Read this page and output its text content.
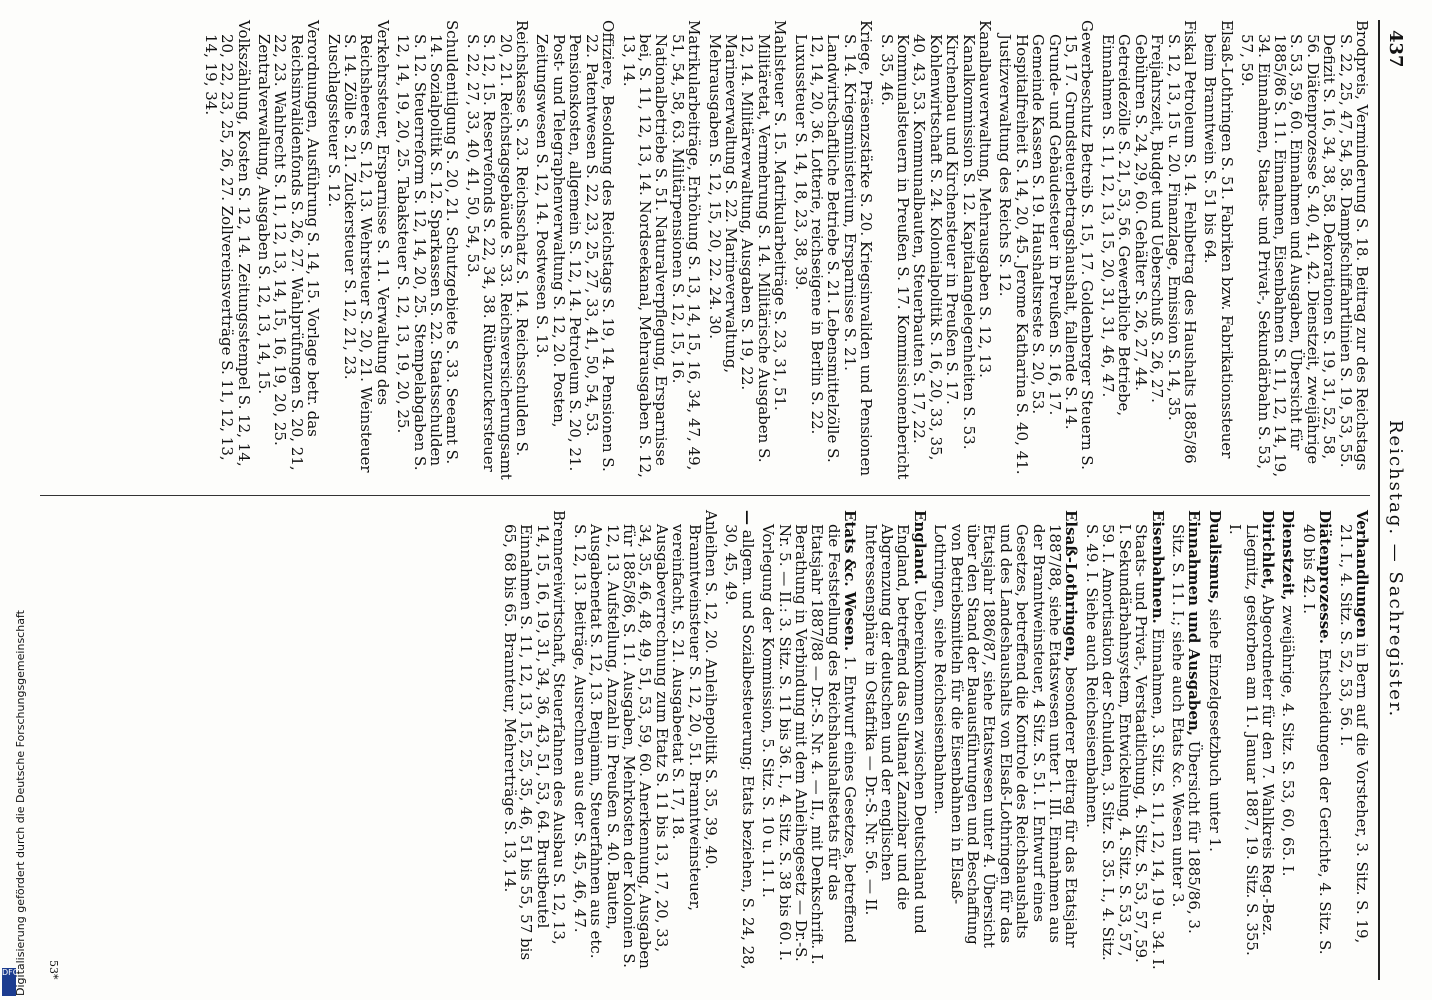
437
Reichstag. — Sachregister.

Verhandlungen in Bern auf die Vorsteher, 3. Sitz. S. 19, 21. I., 4. Sitz. S. 52, 53, 56. I.

Diätenprozesse. Entscheidungen der Gerichte, 4. Sitz. S. 40 bis 42. I.

Dienstzeit, zweijährige, 4. Sitz. S. 53, 60, 65. I.

Dirichlet, Abgeordneter für den 7. Wahlkreis Reg.-Bez. Liegnitz, gestorben am 11. Januar 1887, 19. Sitz. S. 355. I.

Dualismus, siehe Einzelgesetzbuch unter 1.

Einnahmen und Ausgaben, Übersicht für 1885/86, 3. Sitz. S. 11. I.; siehe auch Etats &c. Wesen unter 3.

Eisenbahnen. Einnahmen, 3. Sitz. S. 11, 12, 14, 19 u. 34. I. Staats- und Privat-, Verstaatlichung, 4. Sitz. S. 53, 57, 59. I. Sekundärbahnsystem, Entwickelung, 4. Sitz. S. 53, 57, 59. I. Amortisation der Schulden, 3. Sitz. S. 35. I., 4. Sitz. S. 49. I. Siehe auch Reichseisenbahnen.

Elsaß-Lothringen, besonderer Beitrag für das Etatsjahr 1887/88, siehe Etatswesen unter 1. III. Einnahmen aus der Branntweinsteuer, 4 Sitz. S. 51. I. Entwurf eines Gesetzes, betreffend die Kontrole des Reichshaushalts und des Landeshaushalts von Elsaß-Lothringen für das Etatsjahr 1886/87, siehe Etatswesen unter 4. Übersicht über den Stand der Bauausführungen und Beschaffung von Betriebsmitteln für die Eisenbahnen in Elsaß-Lothringen, siehe Reichseisenbahnen.

England. Uebereinkommen zwischen Deutschland und England, betreffend das Sultanat Zanzibar und die Abgrenzung der deutschen und der englischen Interessensphäre in Ostafrika — Dr.-S. Nr. 56. — II.

Etats &c. Wesen. 1. Entwurf eines Gesetzes, betreffend die Feststellung des Reichshaushaltsetats für das Etatsjahr 1887/88 — Dr.-S. Nr. 4. — II., mit Denkschrift. I. Berathung in Verbindung mit dem Anleihegesetz — Dr.-S. Nr. 5. — II.: 3. Sitz. S. 11 bis 36. I., 4. Sitz. S. 38 bis 60. I. Vorlegung der Kommission, 5. Sitz. S. 10 u. 11. I.

— allgem. und Sozialbesteuerung; Etats beziehen, S. 24, 28, 30, 45, 49.

Anleihen S. 12, 20. Anleihepolitik S. 35, 39, 40. Branntweinsteuer S. 12, 20, 51. Branntweinsteuer, vereinfacht, S. 21. Ausgabeetat S. 17, 18. Ausgabeverrechnung zum Etatz S. 11 bis 13, 17, 20, 33, 34, 35, 46, 48, 49, 51, 53, 59, 60. Anerkennung, Ausgaben für 1885/86, S. 11. Ausgaben, Mehrkosten der Kolonien S. 12, 13. Aufstellung, Anzahl in Preußen S. 40. Bauten, Ausgabenetat S. 12, 13. Benjamin, Steuerfahnen aus etc. S. 12, 13. Beiträge, Ausrechnen aus der S. 45, 46, 47.

Brennereiwirtschaft, Steuerfahnen des Ausbau S. 12, 13, 14, 15, 16, 19, 31, 34, 36, 43, 51, 53, 64. Brustbeutel Einnahmen S. 11, 12, 13, 15, 25, 35, 46, 51 bis 55, 57 bis 65, 68 bis 65. Brannteur, Mehrerträge S. 13, 14.

Brodpreis, Verminderung S. 18. Beitrag zur des Reichstags S. 22, 25, 47, 54, 58. Dampfschiffahrtlinien S. 19, 53, 55. Defizit S. 16, 34, 38, 58. Dekorationen S. 19, 31, 52, 58, 56. Diätenprozesse S. 40, 41, 42. Dienstzeit, zweijährige S. 53, 59, 60. Einnahmen und Ausgaben, Übersicht für 1885/86 S. 11. Einnahmen, Eisenbahnen S. 11, 12, 14, 19, 34. Einnahmen, Staats- und Privat-, Sekundärbahn S. 53, 57, 59.

Elsaß-Lothringen S. 51. Fabriken bzw. Fabrikationssteuer beim Branntwein S. 51 bis 64.

Fiskal Petroleum S. 14. Fehlbetrag des Haushalts 1885/86 S. 12, 13, 15 u. 20. Finanzlage, Emission S. 14, 35. Freijahrszeit, Budget und Ueberschuß S. 26, 27. Gebühren S. 24, 29, 60. Gehälter S. 26, 27, 44. Getreidezölle S. 21, 53, 56. Gewerbliche Betriebe, Einnahmen S. 11, 12, 13, 15, 20, 31, 31, 46, 47.

Gewerbeschutz Betreib S. 15, 17. Goldenberger Steuern S. 15, 17. Grundsteuerbetragshaushalt, fallende S. 14. Grunde- und Gebäudesteuer in Preußen S. 16, 17. Gemeinde Kassen S. 19. Haushaltsreste S. 20, 53. Hospitalfreiheit S. 14, 20, 45. Jerome Katharina S. 40, 41. Justizverwaltung des Reichs S. 12.

Kanalbauverwaltung, Mehrausgaben S. 12, 13. Kanalkommission S. 12. Kapitalangelegenheiten S. 53. Kirchenbau und Kirchensteuer in Preußen S. 17. Kohlenwirtschaft S. 24. Kolonialpolitik S. 16, 20, 33, 35, 40, 43, 53. Kommunalbauten, Steuerbauten S. 17, 22. Kommunalsteuern in Preußen S. 17. Kommissionenbericht S. 35, 46.

Kriege, Präsenzstärke S. 20. Kriegsinvaliden und Pensionen S. 14. Kriegsministerium, Ersparnisse S. 21. Landwirtschaftliche Betriebe S. 21. Lebensmittelzölle S. 12, 14, 20, 36. Lotterie, reichseigene in Berlin S. 22. Luxussteuer S. 14, 18, 23, 38, 39.

Mahlsteuer S. 15. Matrikularbeiträge S. 23, 31, 51. Militäretat, Vermehrung S. 14. Militärische Ausgaben S. 12, 14. Militärverwaltung, Ausgaben S. 19, 22. Marineverwaltung S. 22. Marineverwaltung, Mehrausgaben S. 12, 15, 20, 22. 24. 30.

Matrikularbeiträge, Erhöhung S. 13, 14, 15, 16, 34, 47, 49, 51, 54, 58, 63. Militärpensionen S. 12, 15, 16. Nationalbetriebe S. 51. Naturalverpflegung, Ersparnisse bei, S. 11, 12, 13, 14. Nordseekanal, Mehrausgaben S. 12, 13, 14.

Offiziere, Besoldung des Reichstags S. 19, 14. Pensionen S. 22. Patentwesen S. 22, 23, 25, 27, 33, 41, 50, 54, 53. Pensionskosten, allgemein S. 12, 14. Petroleum S. 20, 21. Post- und Telegraphenverwaltung S. 12, 20. Posten, Zeitungswesen S. 12, 14. Postwesen S. 13.

Reichskasse S. 23. Reichsschatz S. 14. Reichsschulden S. 20, 21. Reichstagsgebäude S. 33. Reichsversicherungsamt S. 12, 15. Reservefonds S. 22, 34, 38. Rübenzuckersteuer S. 22, 27, 33, 40, 41, 50, 54, 53.

Schuldentilgung S. 20, 21. Schutzgebiete S. 33. Seeamt S. 14. Sozialpolitik S. 12. Sparkassen S. 22. Staatsschulden S. 12. Steuerreform S. 12, 14, 20, 25. Stempelabgaben S. 12, 14, 19, 20, 25. Tabaksteuer S. 12, 13, 19, 20, 25.

Verkehrssteuer, Ersparnisse S. 11. Verwaltung des Reichsheeres S. 12, 13. Wehrsteuer S. 20, 21. Weinsteuer S. 14. Zölle S. 21. Zuckersteuer S. 12, 21, 23. Zuschlagssteuer S. 12.

Verordnungen, Ausführung S. 14, 15. Vorlage betr. das Reichsinvalidenfonds S. 26, 27. Wahlprüfungen S. 20, 21, 22, 23. Wahlrecht S. 11, 12, 13, 14, 15, 16, 19, 20, 25. Zentralverwaltung, Ausgaben S. 12, 13, 14, 15.

Volkszählung, Kosten S. 12, 14. Zeitungsstempel S. 12, 14, 20, 22, 23, 25, 26, 27. Zollvereinsverträge S. 11, 12, 13, 14, 19, 34.

53*
DFG
Digitalisierung gefördert durch die Deutsche Forschungsgemeinschaft
